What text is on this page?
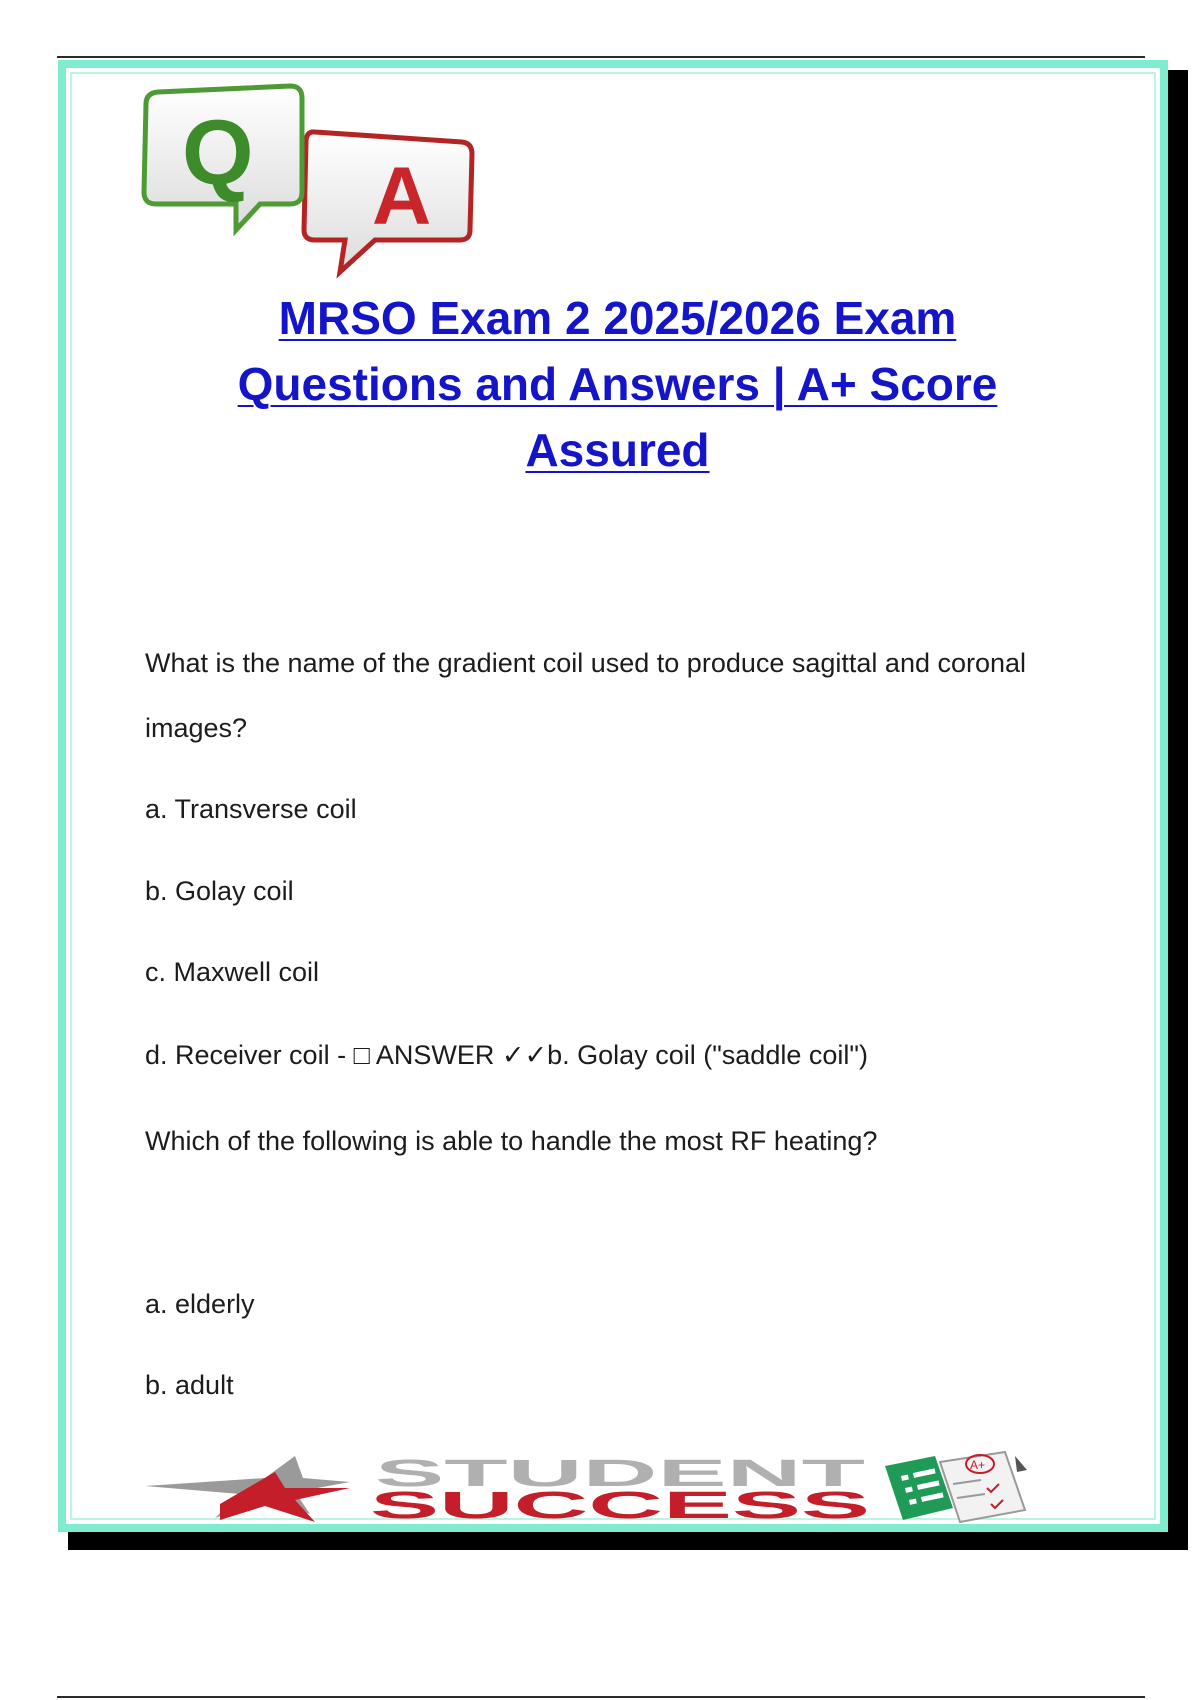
A
Q
MRSO Exam 2 2025/2026 Exam
Questions and Answers | A+ Score
Assured

What is the name of the gradient coil used to produce sagittal and coronal

images?

a. Transverse coil

b. Golay coil

c. Maxwell coil

d. Receiver coil - □ ANSWER ✓✓b. Golay coil ("saddle coil")

Which of the following is able to handle the most RF heating?

a. elderly

b. adult

STUDENT
SUCCESS
A+
